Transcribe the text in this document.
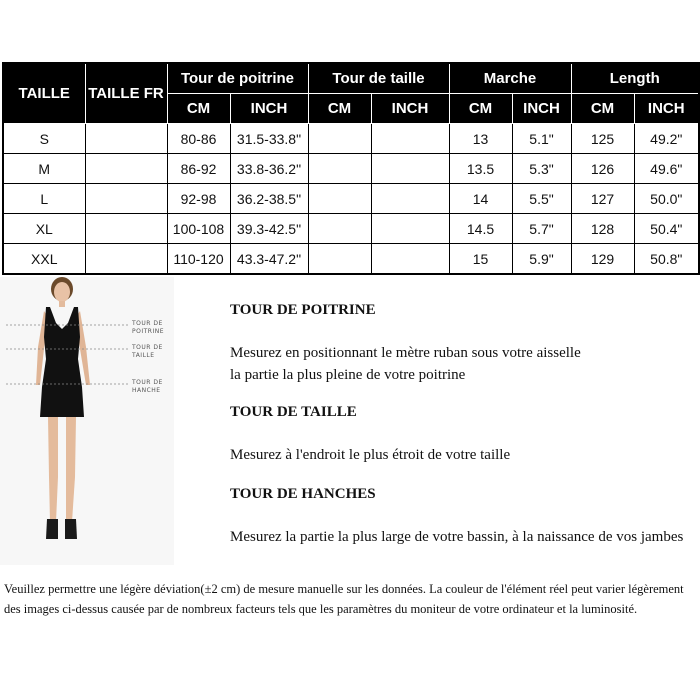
TAILLE	TAILLE FR	Tour de poitrine		Tour de taille		Marche		Length	
		CM	INCH	CM	INCH	CM	INCH	CM	INCH
S		80-86	31.5-33.8"			13	5.1"	125	49.2"
M		86-92	33.8-36.2"			13.5	5.3"	126	49.6"
L		92-98	36.2-38.5"			14	5.5"	127	50.0"
XL		100-108	39.3-42.5"			14.5	5.7"	128	50.4"
XXL		110-120	43.3-47.2"			15	5.9"	129	50.8"
TOUR DE
POITRINE
TOUR DE
TAILLE
TOUR DE
HANCHE
TOUR DE POITRINE
Mesurez en positionnant le mètre ruban sous votre aisselle
la partie la plus pleine de votre poitrine
TOUR DE TAILLE
Mesurez à l'endroit le plus étroit de votre taille
TOUR DE HANCHES
Mesurez la partie la plus large de votre bassin, à la naissance de vos jambes
Veuillez permettre une légère déviation(±2 cm) de mesure manuelle sur les données. La couleur de l'élément réel peut varier légèrement des images ci-dessus causée par de nombreux facteurs tels que les paramètres du moniteur de votre ordinateur et la luminosité.
